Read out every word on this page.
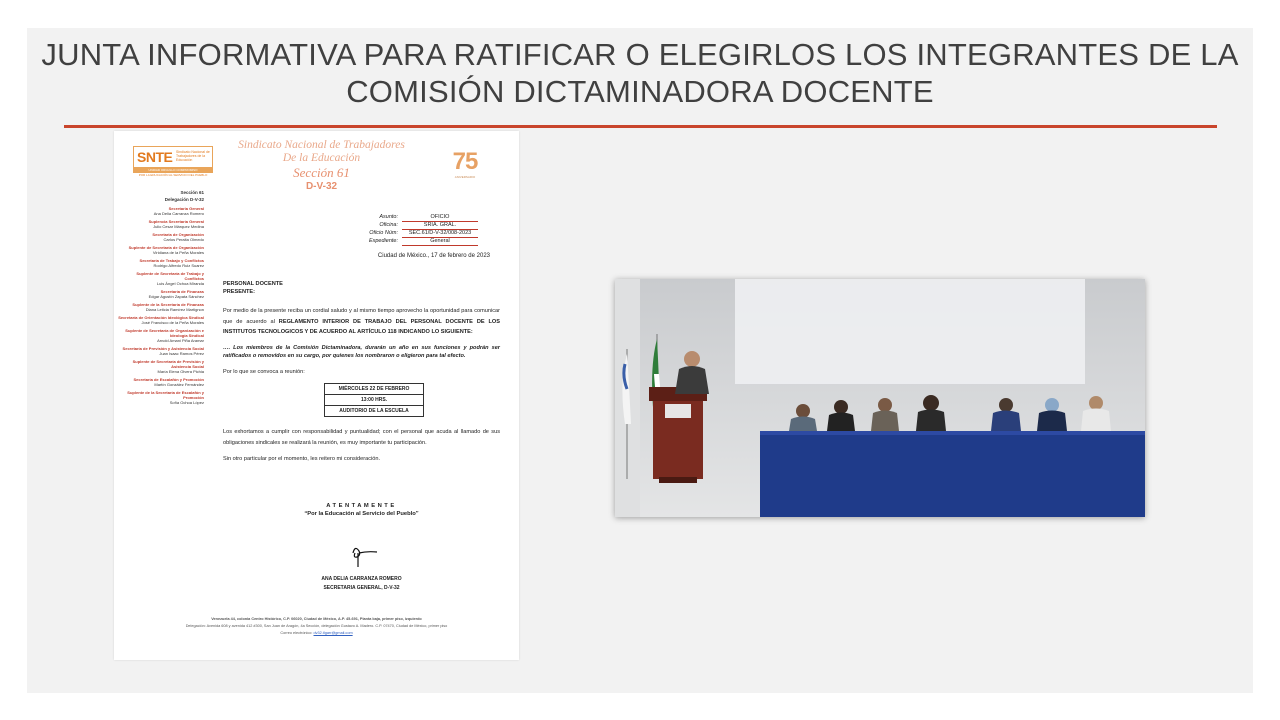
JUNTA INFORMATIVA PARA RATIFICAR O ELEGIRLOS LOS INTEGRANTES DE LA
COMISIÓN DICTAMINADORA DOCENTE
SNTE Sindicato Nacional de Trabajadores de la Educación
UNIDAD ORGULLO COMPROMISO
POR LA EDUCACIÓN AL SERVICIO DEL PUEBLO
Sindicato Nacional de Trabajadores
De la Educación
Sección 61
D-V-32
75
ANIVERSARIO
Sección 61
Delegación D-V-32
Secretaria General
Ana Delia Carranza Romero
Suplencia Secretaría General
Julio Cesar Márquez Medina
Secretaria de Organización
Carlos Peralta Olmedo
Suplente de Secretaría de Organización
Viridiana de la Peña Morales
Secretaría de Trabajo y Conflictos
Rodrigo Alfredo Ruiz Suarez
Suplente de Secretaría de Trabajo y Conflictos
Luis Ángel Ochoa Miranda
Secretaría de Finanzas
Edgar Agustín Zapata Sánchez
Suplente de la Secretaría de Finanzas
Diana Leticia Ramírez Martignon
Secretaría de Orientación Ideológica Sindical
José Francisco de la Peña Morales
Suplente de Secretaría de Organización e Ideología Sindical
Arnold Amani Piña Aramar
Secretaría de Previsión y Asistencia Social
Juan Isaac Ramos Pérez
Suplente de Secretaría de Previsión y Asistencia Social
María Elena Olvera Pichia
Secretaría de Escalafón y Promoción
Martín González Fernández
Suplente de la Secretaría de Escalafón y Promoción
Sofía Ochoa López
Asunto:	OFICIO
Oficina:	SRIA. GRAL.
Oficio Núm:	SEC.61/D-V-32/008-2023
Expediente:	General
Ciudad de México., 17 de febrero de 2023

PERSONAL DOCENTE
PRESENTE:

Por medio de la presente reciba un cordial saludo y al mismo tiempo aprovecho la oportunidad para comunicar que de acuerdo al REGLAMENTO INTERIOR DE TRABAJO DEL PERSONAL DOCENTE DE LOS INSTITUTOS TECNOLOGICOS Y DE ACUERDO AL ARTÍCULO 118 INDICANDO LO SIGUIENTE:

…. Los miembros de la Comisión Dictaminadora, durarán un año en sus funciones y podrán ser ratificados o removidos en su cargo, por quienes los nombraron o eligieron para tal efecto.

Por lo que se convoca a reunión:

MIÉRCOLES 22 DE FEBRERO
13:00 HRS.
AUDITORIO DE LA ESCUELA

Los exhortamos a cumplir con responsabilidad y puntualidad; con el personal que acuda al llamado de sus obligaciones sindicales se realizará la reunión, es muy importante tu participación.

Sin otro particular por el momento, les reitero mi consideración.

ATENTAMENTE
“Por la Educación al Servicio del Pueblo”
ANA DELIA CARRANZA ROMERO
SECRETARIA GENERAL, D-V-32
Venezuela 44, colonia Centro Histórico, C.P. 06020, Ciudad de México, A.P. 45-691, Planta baja, primer piso, izquierdo
Delegación: Avenida 608 y avenida 412 #300, San Juan de Aragón, 4a Sección, delegación Gustavo A. Madero. C.P. 07470, Ciudad de México, primer piso
Correo electrónico: dv32.tlgarr@gmail.com
